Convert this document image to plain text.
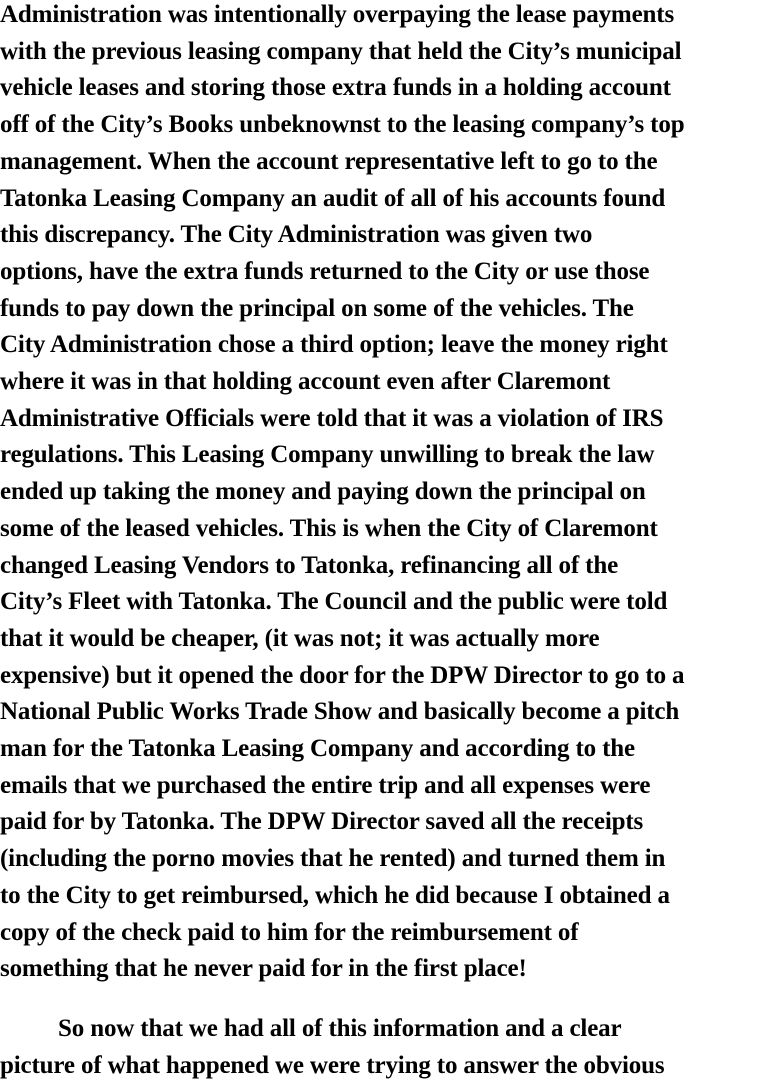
Administration was intentionally overpaying the lease payments
with the previous leasing company that held the City’s municipal
vehicle leases and storing those extra funds in a holding account
off of the City’s Books unbeknownst to the leasing company’s top
management. When the account representative left to go to the
Tatonka Leasing Company an audit of all of his accounts found
this discrepancy. The City Administration was given two
options, have the extra funds returned to the City or use those
funds to pay down the principal on some of the vehicles. The
City Administration chose a third option; leave the money right
where it was in that holding account even after Claremont
Administrative Officials were told that it was a violation of IRS
regulations. This Leasing Company unwilling to break the law
ended up taking the money and paying down the principal on
some of the leased vehicles. This is when the City of Claremont
changed Leasing Vendors to Tatonka, refinancing all of the
City’s Fleet with Tatonka. The Council and the public were told
that it would be cheaper, (it was not; it was actually more
expensive) but it opened the door for the DPW Director to go to a
National Public Works Trade Show and basically become a pitch
man for the Tatonka Leasing Company and according to the
emails that we purchased the entire trip and all expenses were
paid for by Tatonka. The DPW Director saved all the receipts
(including the porno movies that he rented) and turned them in
to the City to get reimbursed, which he did because I obtained a
copy of the check paid to him for the reimbursement of
something that he never paid for in the first place!
So now that we had all of this information and a clear
picture of what happened we were trying to answer the obvious
